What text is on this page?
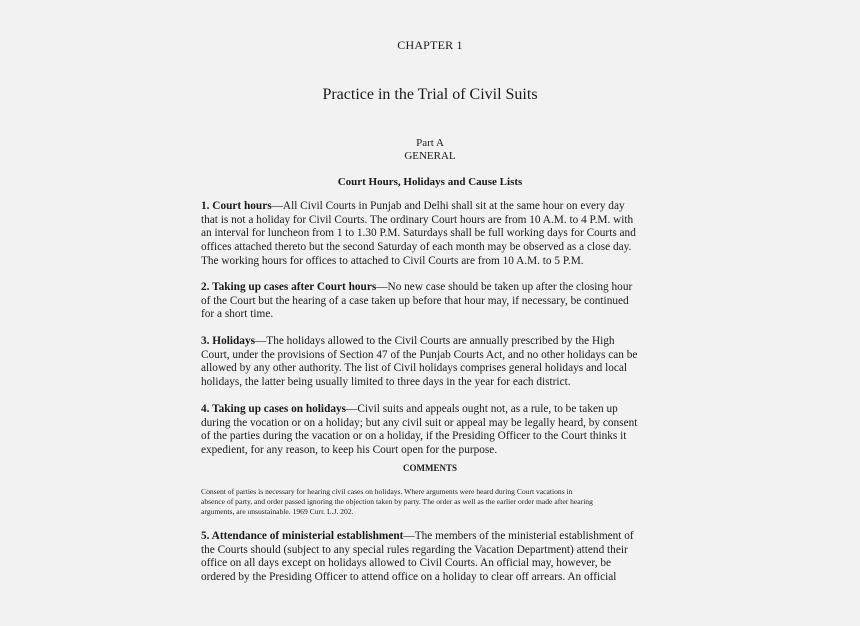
CHAPTER 1
Practice in the Trial of Civil Suits
Part A
GENERAL
Court Hours, Holidays and Cause Lists
1. Court hours—All Civil Courts in Punjab and Delhi shall sit at the same hour on every day
that is not a holiday for Civil Courts. The ordinary Court hours are from 10 A.M. to 4 P.M. with
an interval for luncheon from 1 to 1.30 P.M. Saturdays shall be full working days for Courts and
offices attached thereto but the second Saturday of each month may be observed as a close day.
The working hours for offices to attached to Civil Courts are from 10 A.M. to 5 P.M.
2. Taking up cases after Court hours—No new case should be taken up after the closing hour
of the Court but the hearing of a case taken up before that hour may, if necessary, be continued
for a short time.
3. Holidays—The holidays allowed to the Civil Courts are annually prescribed by the High
Court, under the provisions of Section 47 of the Punjab Courts Act, and no other holidays can be
allowed by any other authority. The list of Civil holidays comprises general holidays and local
holidays, the latter being usually limited to three days in the year for each district.
4. Taking up cases on holidays—Civil suits and appeals ought not, as a rule, to be taken up
during the vocation or on a holiday; but any civil suit or appeal may be legally heard, by consent
of the parties during the vacation or on a holiday, if the Presiding Officer to the Court thinks it
expedient, for any reason, to keep his Court open for the purpose.
COMMENTS
Consent of parties is necessary for hearing civil cases on holidays. Where arguments were heard during Court vacations in
absence of party, and order passed ignoring the objection taken by party. The order as well as the earlier order made after hearing
arguments, are unsustainable. 1969 Curr. L.J. 202.
5. Attendance of ministerial establishment—The members of the ministerial establishment of
the Courts should (subject to any special rules regarding the Vacation Department) attend their
office on all days except on holidays allowed to Civil Courts. An official may, however, be
ordered by the Presiding Officer to attend office on a holiday to clear off arrears. An official
